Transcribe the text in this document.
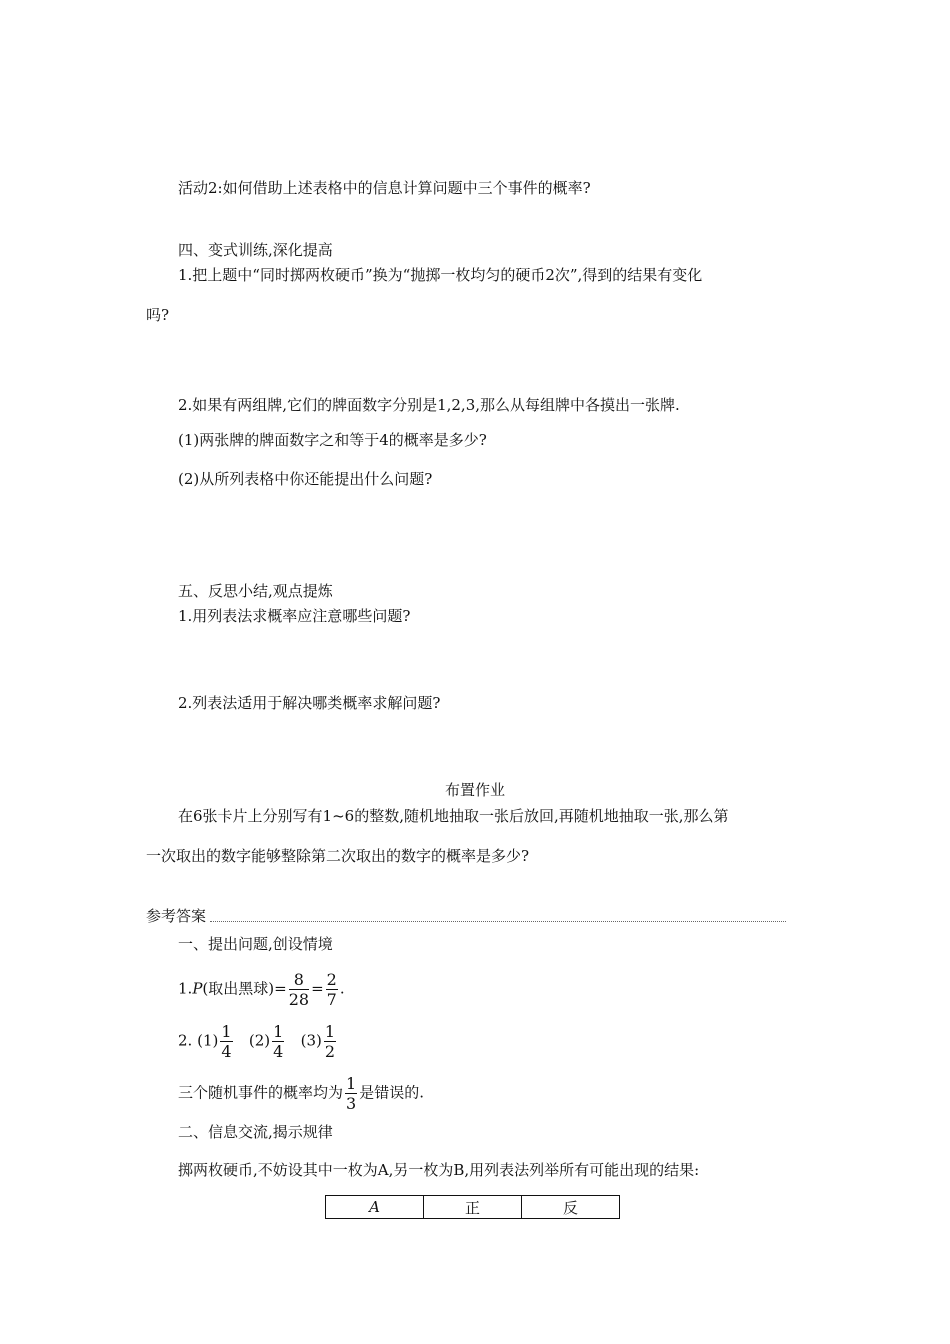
活动2:如何借助上述表格中的信息计算问题中三个事件的概率?
四、变式训练,深化提高
1.把上题中“同时掷两枚硬币”换为“抛掷一枚均匀的硬币2次”,得到的结果有变化
吗?
2.如果有两组牌,它们的牌面数字分别是1,2,3,那么从每组牌中各摸出一张牌.
(1)两张牌的牌面数字之和等于4的概率是多少?
(2)从所列表格中你还能提出什么问题?
五、反思小结,观点提炼
1.用列表法求概率应注意哪些问题?
2.列表法适用于解决哪类概率求解问题?
布置作业
在6张卡片上分别写有1~6的整数,随机地抽取一张后放回,再随机地抽取一张,那么第
一次取出的数字能够整除第二次取出的数字的概率是多少?
参考答案
一、提出问题,创设情境
1.P(取出黑球)= $\frac{8}{28} = \frac{2}{7}$ .
2. $(1) \frac{1}{4} (2) \frac{1}{4} (3) \frac{1}{2}$
三个随机事件的概率均为 $\frac{1}{3}$ 是错误的.
二、信息交流,揭示规律
掷两枚硬币,不妨设其中一枚为A,另一枚为B,用列表法列举所有可能出现的结果:
A	正	反
